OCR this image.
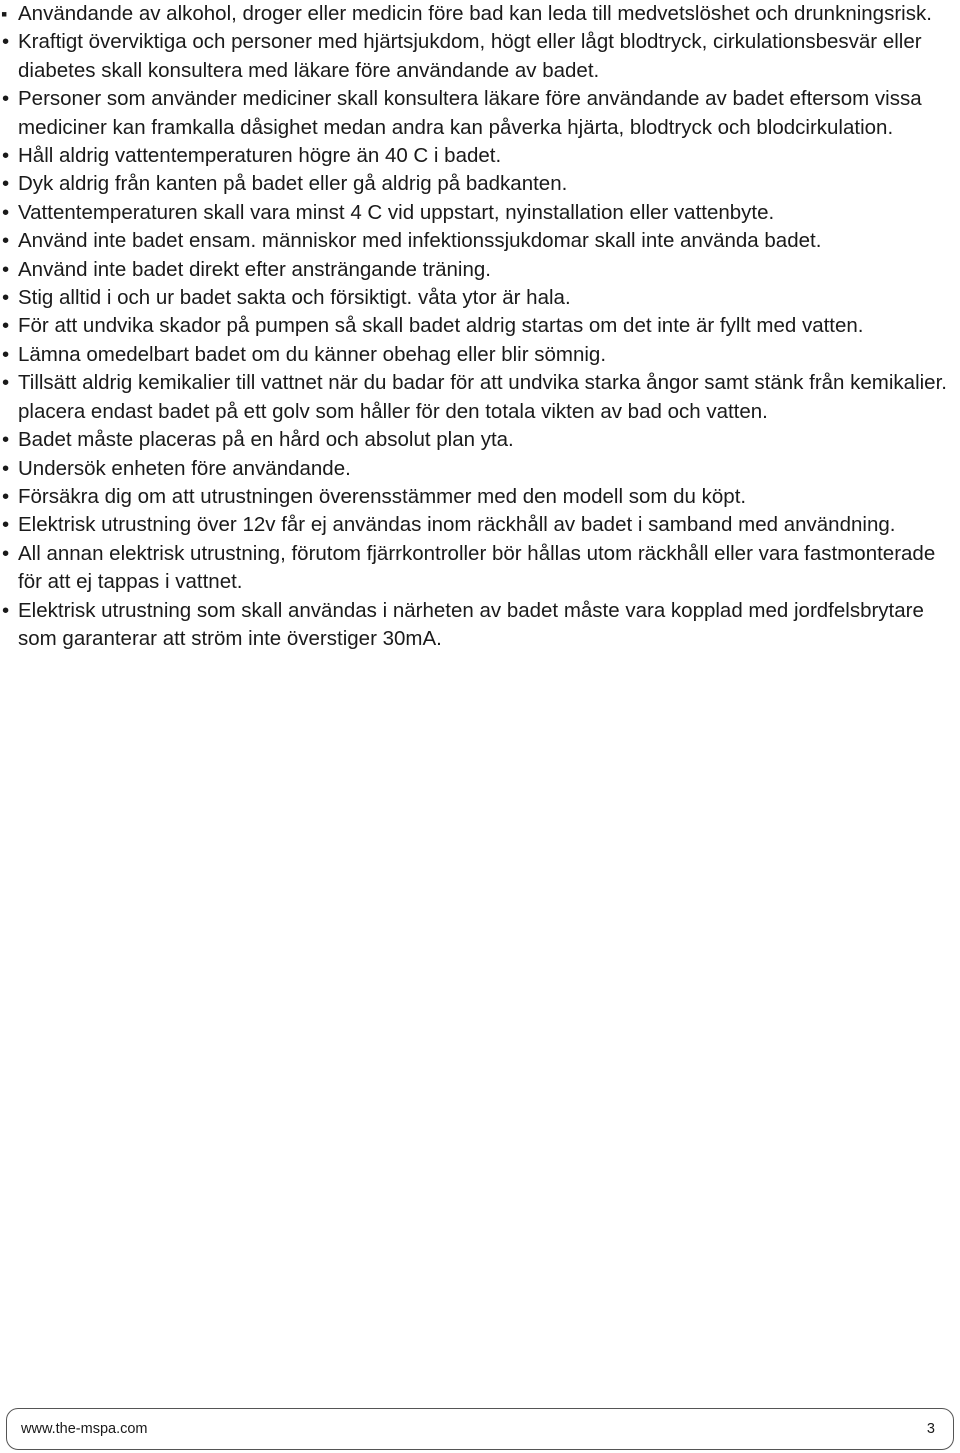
▪ Användande av alkohol, droger eller medicin före bad kan leda till medvetslöshet och drunkningsrisk.
• Kraftigt överviktiga och personer med hjärtsjukdom, högt eller lågt blodtryck, cirkulationsbesvär eller diabetes skall konsultera med läkare före användande av badet.
• Personer som använder mediciner skall konsultera läkare före användande av badet eftersom vissa mediciner kan framkalla dåsighet medan andra kan påverka hjärta, blodtryck och blodcirkulation.
• Håll aldrig vattentemperaturen högre än 40 C i badet.
• Dyk aldrig från kanten på badet eller gå aldrig på badkanten.
• Vattentemperaturen skall vara minst 4 C vid uppstart, nyinstallation eller vattenbyte.
• Använd inte badet ensam. människor med infektionssjukdomar skall inte använda badet.
• Använd inte badet direkt efter ansträngande träning.
• Stig alltid i och ur badet sakta och försiktigt. våta ytor är hala.
• För att undvika skador på pumpen så skall badet aldrig startas om det inte är fyllt med vatten.
• Lämna omedelbart badet om du känner obehag eller blir sömnig.
• Tillsätt aldrig kemikalier till vattnet när du badar för att undvika starka ångor samt stänk från kemikalier. placera endast badet på ett golv som håller för den totala vikten av bad och vatten.
• Badet måste placeras på en hård och absolut plan yta.
• Undersök enheten före användande.
• Försäkra dig om att utrustningen överensstämmer med den modell som du köpt.
• Elektrisk utrustning över 12v får ej användas inom räckhåll av badet i samband med användning.
• All annan elektrisk utrustning, förutom fjärrkontroller bör hållas utom räckhåll eller vara fastmonterade för att ej tappas i vattnet.
• Elektrisk utrustning som skall användas i närheten av badet måste vara kopplad med jordfelsbrytare som garanterar att ström inte överstiger 30mA.
www.the-mspa.com	3
